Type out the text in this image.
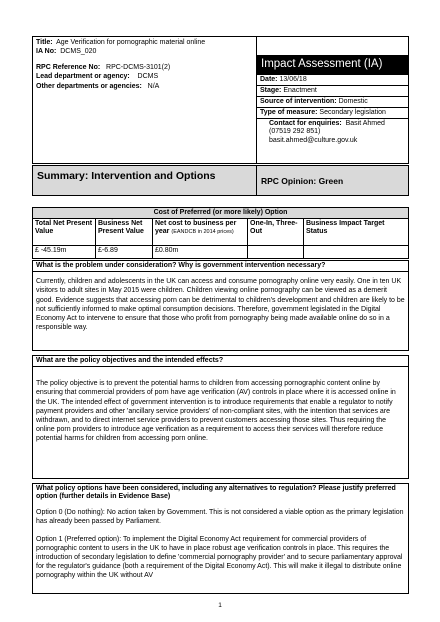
Title: Age Verification for pornographic material online
IA No: DCMS_020
RPC Reference No: RPC-DCMS-3101(2)
Lead department or agency: DCMS
Other departments or agencies: N/A
Impact Assessment (IA)
Date: 13/06/18
Stage: Enactment
Source of intervention: Domestic
Type of measure: Secondary legislation
Contact for enquiries: Basit Ahmed
(07519 292 851)
basit.ahmed@culture.gov.uk
Summary: Intervention and Options	RPC Opinion: Green
Cost of Preferred (or more likely) Option
Total Net Present Value
£ -45.19m
Business Net Present Value
£-6.89
Net cost to business per year (EANDCB in 2014 prices)
£0.80m
One-In, Three-Out
Business Impact Target Status
What is the problem under consideration? Why is government intervention necessary?
Currently, children and adolescents in the UK can access and consume pornography online very easily. One in ten UK visitors to adult sites in May 2015 were children. Children viewing online pornography can be viewed as a demerit good. Evidence suggests that accessing porn can be detrimental to children's development and children are likely to be not sufficiently informed to make optimal consumption decisions. Therefore, government legislated in the Digital Economy Act to intervene to ensure that those who profit from pornography being made available online do so in a responsible way.
What are the policy objectives and the intended effects?
The policy objective is to prevent the potential harms to children from accessing pornographic content online by ensuring that commercial providers of porn have age verification (AV) controls in place where it is accessed online in the UK. The intended effect of government intervention is to introduce requirements that enable a regulator to notify payment providers and other 'ancillary service providers' of non-compliant sites, with the intention that services are withdrawn, and to direct internet service providers to prevent customers accessing those sites. Thus requiring the online porn providers to introduce age verification as a requirement to access their services will therefore reduce potential harms for children from accessing porn online.
What policy options have been considered, including any alternatives to regulation? Please justify preferred option (further details in Evidence Base)

Option 0 (Do nothing): No action taken by Government. This is not considered a viable option as the primary legislation has already been passed by Parliament.

Option 1 (Preferred option): To implement the Digital Economy Act requirement for commercial providers of pornographic content to users in the UK to have in place robust age verification controls in place. This requires the introduction of secondary legislation to define 'commercial pornography provider' and to secure parliamentary approval for the regulator's guidance (both a requirement of the Digital Economy Act). This will make it illegal to distribute online pornography within the UK without AV

1
